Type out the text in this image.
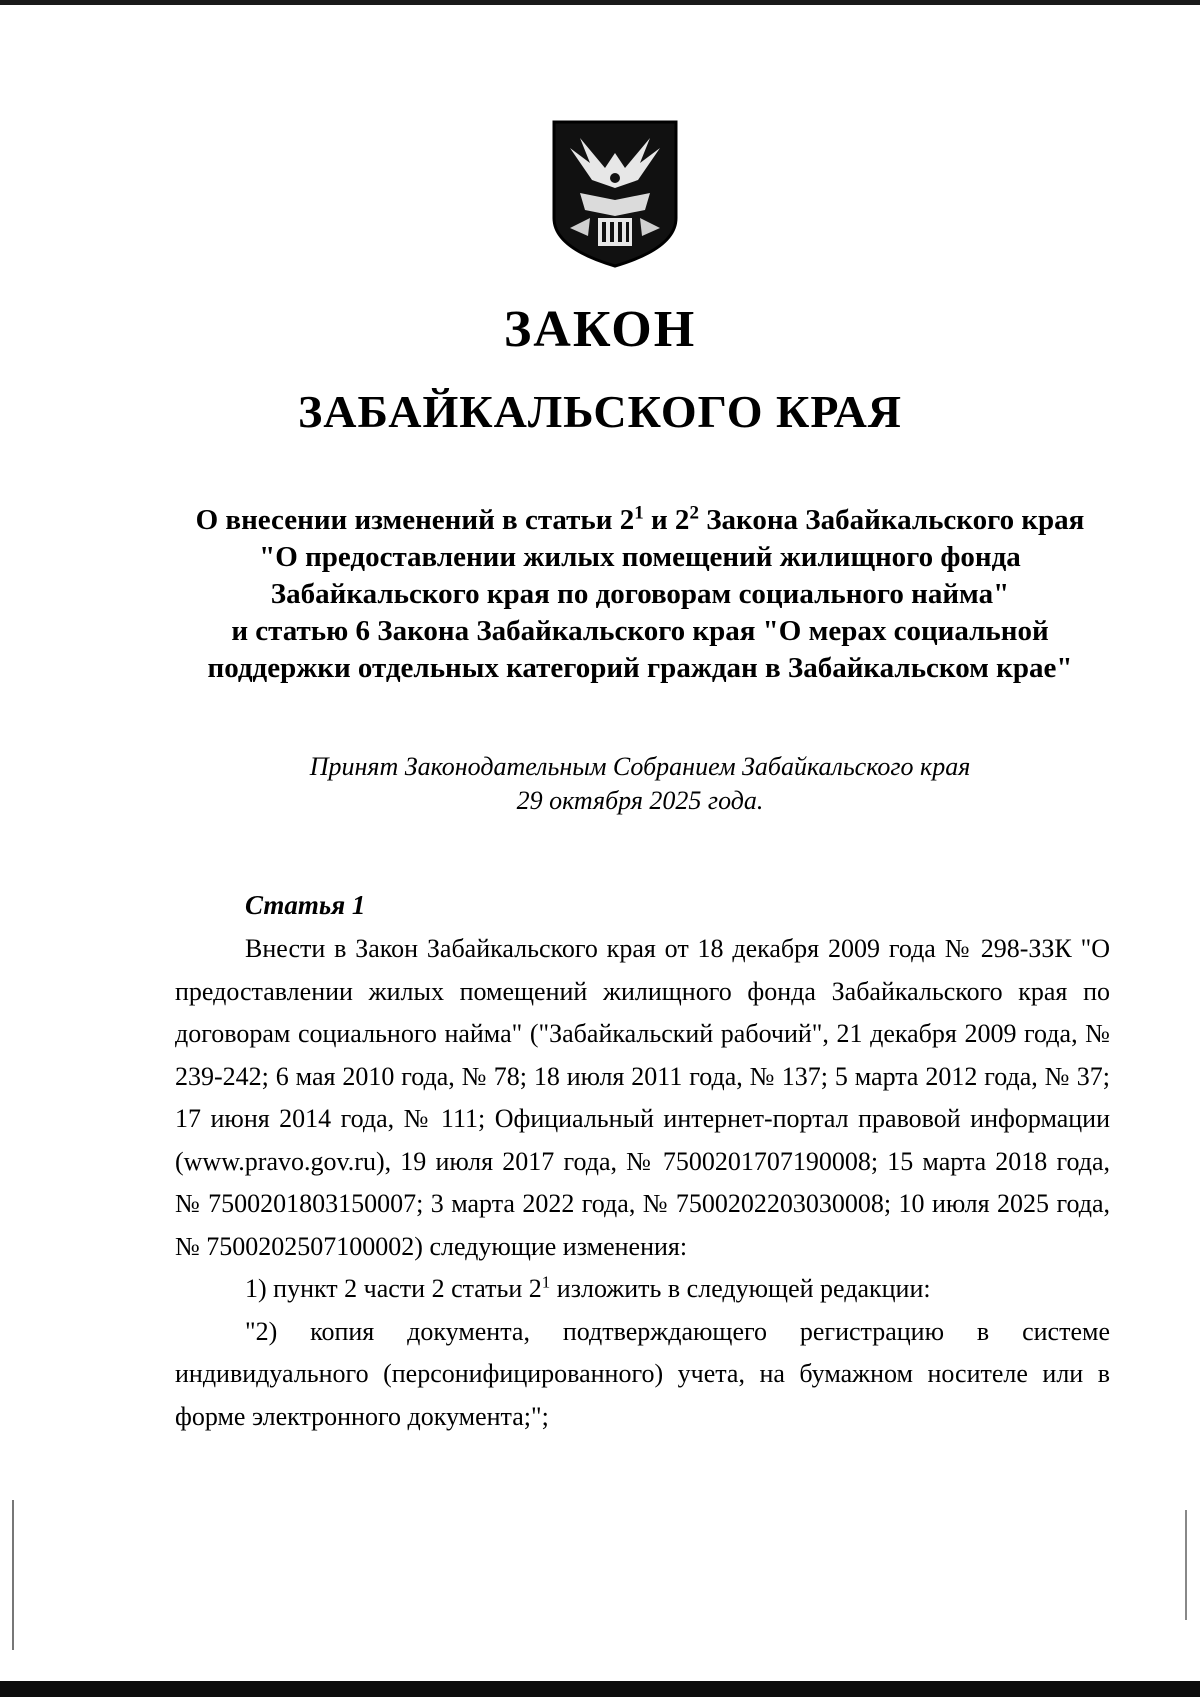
ЗАКОН
ЗАБАЙКАЛЬСКОГО КРАЯ
О внесении изменений в статьи $2^1$ и $2^2$ Закона Забайкальского края
"О предоставлении жилых помещений жилищного фонда
Забайкальского края по договорам социального найма"
и статью 6 Закона Забайкальского края "О мерах социальной
поддержки отдельных категорий граждан в Забайкальском крае"
Принят Законодательным Собранием Забайкальского края
29 октября 2025 года.
Статья 1

Внести в Закон Забайкальского края от 18 декабря 2009 года № 298-ЗЗК "О предоставлении жилых помещений жилищного фонда Забайкальского края по договорам социального найма" ("Забайкальский рабочий", 21 декабря 2009 года, № 239-242; 6 мая 2010 года, № 78; 18 июля 2011 года, № 137; 5 марта 2012 года, № 37; 17 июня 2014 года, № 111; Официальный интернет-портал правовой информации (www.pravo.gov.ru), 19 июля 2017 года, № 7500201707190008; 15 марта 2018 года, № 7500201803150007; 3 марта 2022 года, № 7500202203030008; 10 июля 2025 года, № 7500202507100002) следующие изменения:

1) пункт 2 части 2 статьи $2^1$ изложить в следующей редакции:

"2) копия документа, подтверждающего регистрацию в системе индивидуального (персонифицированного) учета, на бумажном носителе или в форме электронного документа;";
